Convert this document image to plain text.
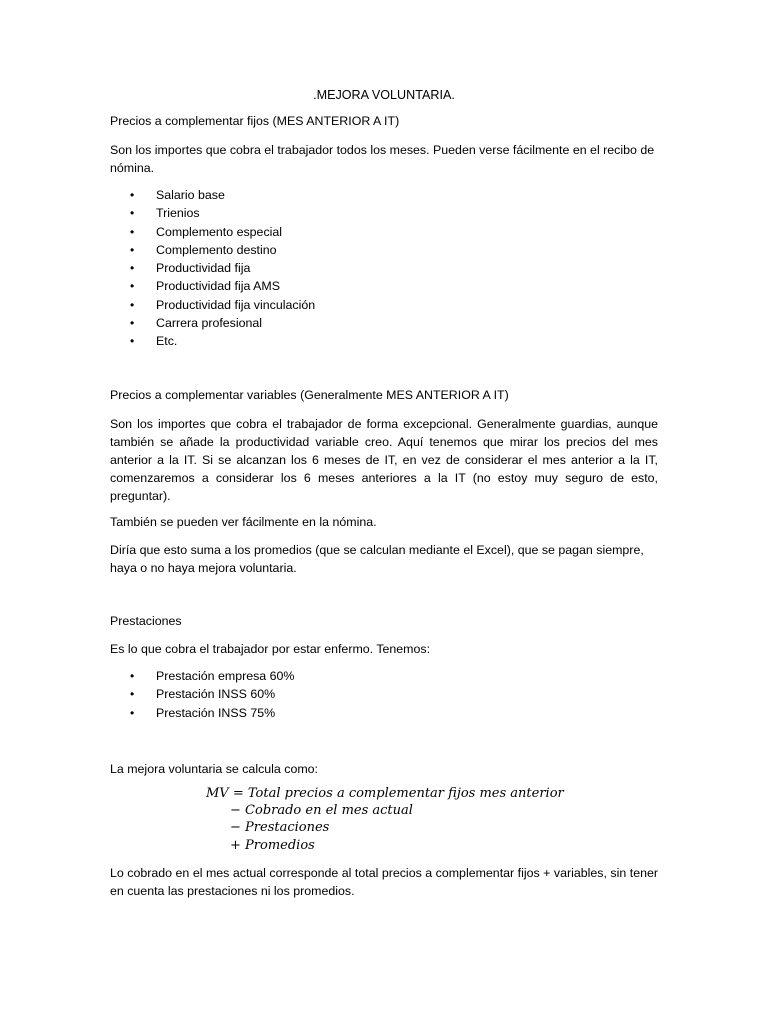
.MEJORA VOLUNTARIA.

Precios a complementar fijos (MES ANTERIOR A IT)

Son los importes que cobra el trabajador todos los meses. Pueden verse fácilmente en el recibo de nómina.

• Salario base
• Trienios
• Complemento especial
• Complemento destino
• Productividad fija
• Productividad fija AMS
• Productividad fija vinculación
• Carrera profesional
• Etc.

Precios a complementar variables (Generalmente MES ANTERIOR A IT)

Son los importes que cobra el trabajador de forma excepcional. Generalmente guardias, aunque también se añade la productividad variable creo. Aquí tenemos que mirar los precios del mes anterior a la IT. Si se alcanzan los 6 meses de IT, en vez de considerar el mes anterior a la IT, comenzaremos a considerar los 6 meses anteriores a la IT (no estoy muy seguro de esto, preguntar).

También se pueden ver fácilmente en la nómina.

Diría que esto suma a los promedios (que se calculan mediante el Excel), que se pagan siempre, haya o no haya mejora voluntaria.

Prestaciones

Es lo que cobra el trabajador por estar enfermo. Tenemos:

• Prestación empresa 60%
• Prestación INSS 60%
• Prestación INSS 75%

La mejora voluntaria se calcula como:

MV = Total precios a complementar fijos mes anterior
− Cobrado en el mes actual
− Prestaciones
+ Promedios

Lo cobrado en el mes actual corresponde al total precios a complementar fijos + variables, sin tener en cuenta las prestaciones ni los promedios.
